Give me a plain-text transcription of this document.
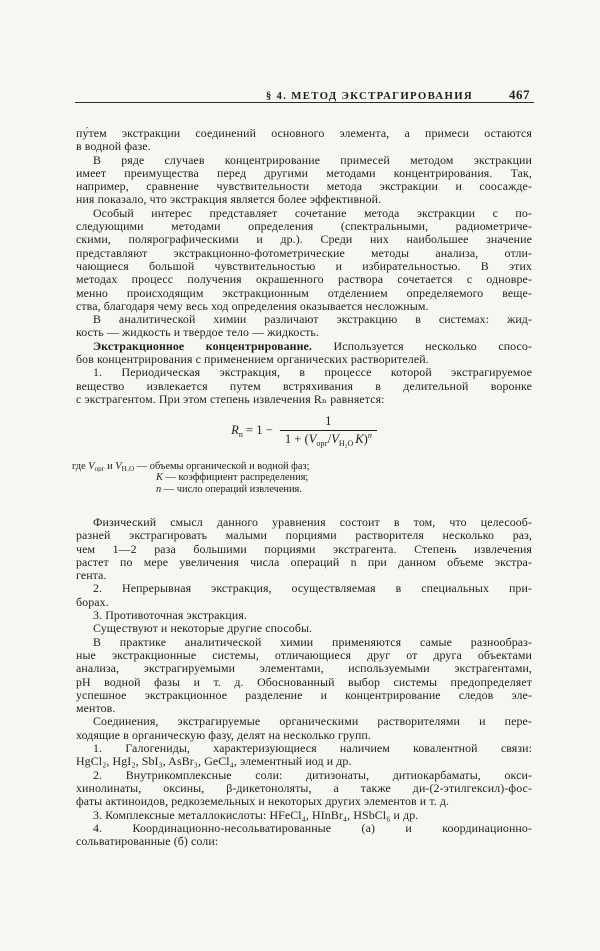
§ 4. МЕТОД ЭКСТРАГИРОВАНИЯ	467
пу́тем экстракции соединений основного элемента, а примеси остаются
в водной фазе.
В ряде случаев концентрирование примесей методом экстракции
имеет преимущества перед другими методами концентрирования. Так,
например, сравнение чувствительности метода экстракции и соосажде-
ния показало, что экстракция является более эффективной.
Особый интерес представляет сочетание метода экстракции с по-
следующими методами определения (спектральными, радиометриче-
скими, полярографическими и др.). Среди них наибольшее значение
представляют экстракционно-фотометрические методы анализа, отли-
чающиеся большой чувствительностью и избирательностью. В этих
методах процесс получения окрашенного раствора сочетается с одновре-
менно происходящим экстракционным отделением определяемого веще-
ства, благодаря чему весь ход определения оказывается несложным.
В аналитической химии различают экстракцию в системах: жид-
кость — жидкость и твердое тело — жидкость.
Экстракционное концентрирование. Используется несколько спосо-
бов концентрирования с применением органических растворителей.
1. Периодическая экстракция, в процессе которой экстрагируемое
вещество извлекается путем встряхивания в делительной воронке
с экстрагентом. При этом степень извлечения Rₙ равняется:
$R_n = 1 - \frac{1}{1 + (V_{орг}/V_{H_2O} K)^n}$
где $V_{орг}$ и $V_{H_2O}$ — объемы органической и водной фаз;
K — коэффициент распределения;
n — число операций извлечения.
Физический смысл данного уравнения состоит в том, что целесооб-
разней экстрагировать малыми порциями растворителя несколько раз,
чем 1—2 раза большими порциями экстрагента. Степень извлечения
растет по мере увеличения числа операций n при данном объеме экстра-
гента.
2. Непрерывная экстракция, осуществляемая в специальных при-
борах.
3. Противоточная экстракция.
Существуют и некоторые другие способы.
В практике аналитической химии применяются самые разнообраз-
ные экстракционные системы, отличающиеся друг от друга объектами
анализа, экстрагируемыми элементами, используемыми экстрагентами,
рН водной фазы и т. д. Обоснованный выбор системы предопределяет
успешное экстракционное разделение и концентрирование следов эле-
ментов.
Соединения, экстрагируемые органическими растворителями и пере-
ходящие в органическую фазу, делят на несколько групп.
1. Галогениды, характеризующиеся наличием ковалентной связи:
HgCl₂, HgI₂, SbI₃, AsBr₃, GeCl₄, элементный иод и др.
2. Внутрикомплексные соли: дитизонаты, дитиокарбаматы, окси-
хинолинаты, оксины, β-дикетоноляты, а также ди-(2-этилгексил)-фос-
фаты актиноидов, редкоземельных и некоторых других элементов и т. д.
3. Комплексные металлокислоты: HFeCl₄, HInBr₄, HSbCl₆ и др.
4. Координационно-несольватированные (а) и координационно-
сольватированные (б) соли:
